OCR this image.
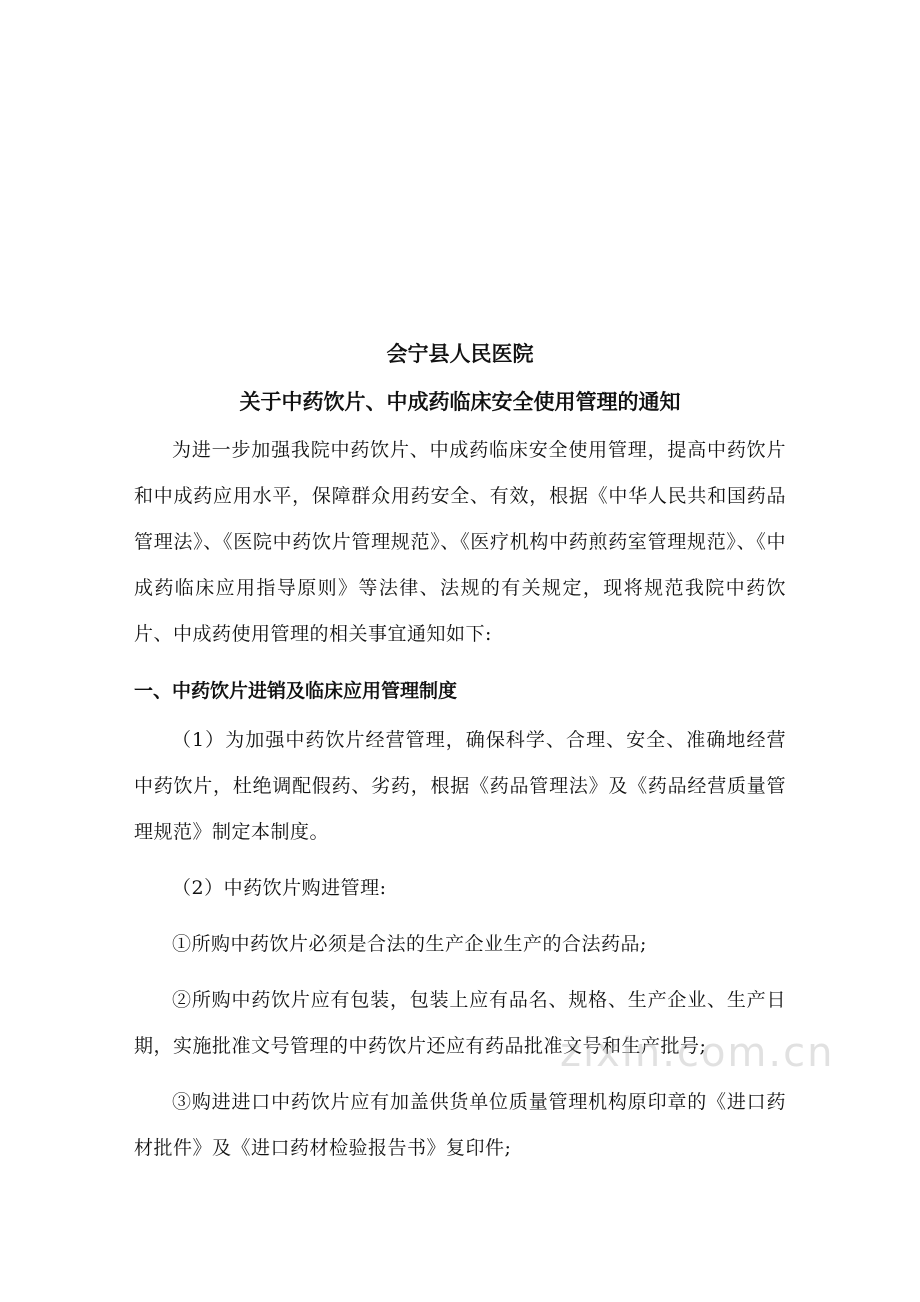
会宁县人民医院
关于中药饮片、中成药临床安全使用管理的通知

为进一步加强我院中药饮片、中成药临床安全使用管理，提高中药饮片和中成药应用水平，保障群众用药安全、有效，根据《中华人民共和国药品管理法》、《医院中药饮片管理规范》、《医疗机构中药煎药室管理规范》、《中成药临床应用指导原则》等法律、法规的有关规定，现将规范我院中药饮片、中成药使用管理的相关事宜通知如下:

一、中药饮片进销及临床应用管理制度

（1）为加强中药饮片经营管理，确保科学、合理、安全、准确地经营中药饮片，杜绝调配假药、劣药，根据《药品管理法》及《药品经营质量管理规范》制定本制度。

（2）中药饮片购进管理:

①所购中药饮片必须是合法的生产企业生产的合法药品;

②所购中药饮片应有包装，包装上应有品名、规格、生产企业、生产日期，实施批准文号管理的中药饮片还应有药品批准文号和生产批号;

③购进进口中药饮片应有加盖供货单位质量管理机构原印章的《进口药材批件》及《进口药材检验报告书》复印件;

zixin.com.cn
